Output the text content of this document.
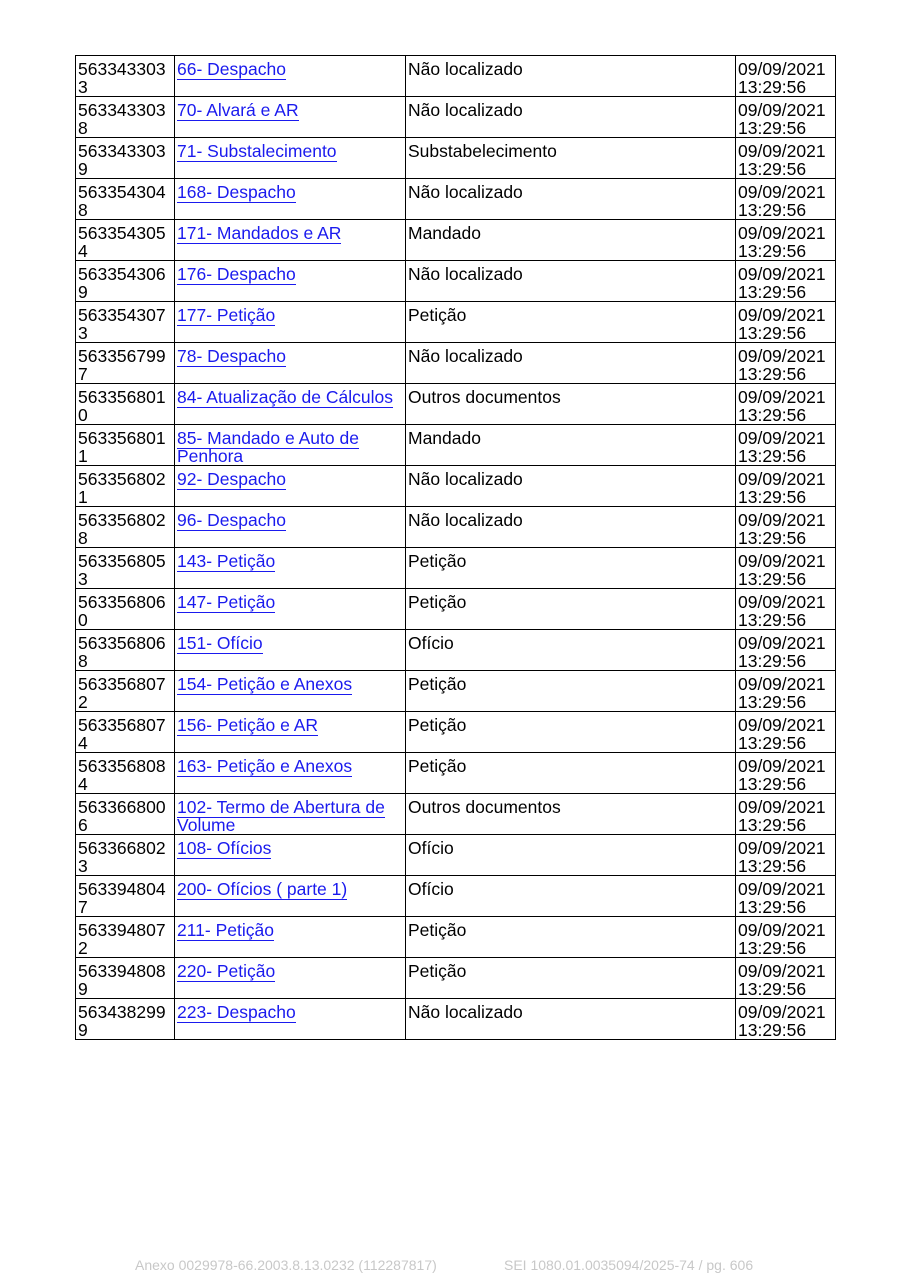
5633433033	66- Despacho	Não localizado	09/09/2021
13:29:56
5633433038	70- Alvará e AR	Não localizado	09/09/2021
13:29:56
5633433039	71- Substalecimento	Substabelecimento	09/09/2021
13:29:56
5633543048	168- Despacho	Não localizado	09/09/2021
13:29:56
5633543054	171- Mandados e AR	Mandado	09/09/2021
13:29:56
5633543069	176- Despacho	Não localizado	09/09/2021
13:29:56
5633543073	177- Petição	Petição	09/09/2021
13:29:56
5633567997	78- Despacho	Não localizado	09/09/2021
13:29:56
5633568010	84- Atualização de Cálculos	Outros documentos	09/09/2021
13:29:56
5633568011	85- Mandado e Auto de Penhora	Mandado	09/09/2021
13:29:56
5633568021	92- Despacho	Não localizado	09/09/2021
13:29:56
5633568028	96- Despacho	Não localizado	09/09/2021
13:29:56
5633568053	143- Petição	Petição	09/09/2021
13:29:56
5633568060	147- Petição	Petição	09/09/2021
13:29:56
5633568068	151- Ofício	Ofício	09/09/2021
13:29:56
5633568072	154- Petição e Anexos	Petição	09/09/2021
13:29:56
5633568074	156- Petição e AR	Petição	09/09/2021
13:29:56
5633568084	163- Petição e Anexos	Petição	09/09/2021
13:29:56
5633668006	102- Termo de Abertura de Volume	Outros documentos	09/09/2021
13:29:56
5633668023	108- Ofícios	Ofício	09/09/2021
13:29:56
5633948047	200- Ofícios ( parte 1)	Ofício	09/09/2021
13:29:56
5633948072	211- Petição	Petição	09/09/2021
13:29:56
5633948089	220- Petição	Petição	09/09/2021
13:29:56
5634382999	223- Despacho	Não localizado	09/09/2021
13:29:56
Anexo 0029978-66.2003.8.13.0232 (112287817)	SEI 1080.01.0035094/2025-74 / pg. 606
